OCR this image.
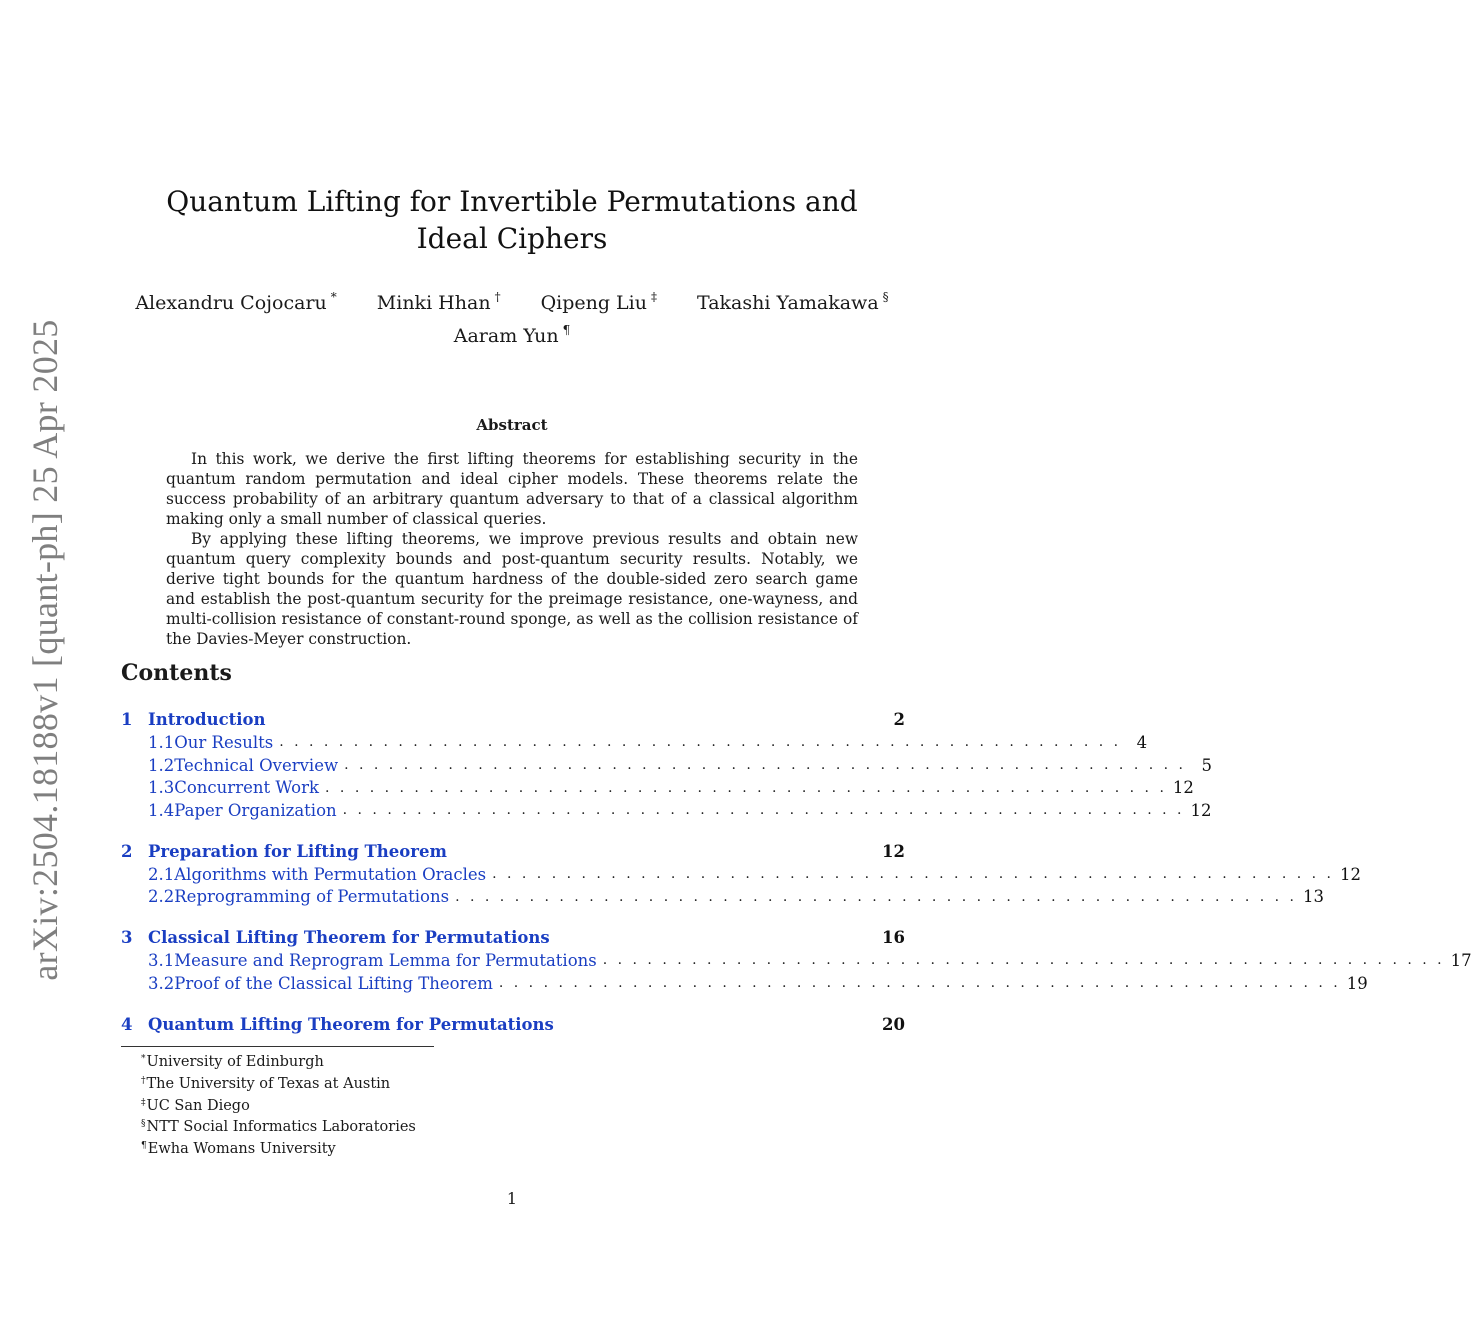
arXiv:2504.18188v1 [quant-ph] 25 Apr 2025
Quantum Lifting for Invertible Permutations and Ideal Ciphers
Alexandru Cojocaru * Minki Hhan † Qipeng Liu ‡ Takashi Yamakawa §
Aaram Yun ¶
Abstract

In this work, we derive the first lifting theorems for establishing security in the quantum random permutation and ideal cipher models. These theorems relate the success probability of an arbitrary quantum adversary to that of a classical algorithm making only a small number of classical queries.

By applying these lifting theorems, we improve previous results and obtain new quantum query complexity bounds and post-quantum security results. Notably, we derive tight bounds for the quantum hardness of the double-sided zero search game and establish the post-quantum security for the preimage resistance, one-wayness, and multi-collision resistance of constant-round sponge, as well as the collision resistance of the Davies-Meyer construction.

Contents
1 Introduction	2
1.1 Our Results . . . . . . . . . . . . . . . . . . . . . . . . . . . . . . . . . . . . . . . . . . . . . . . . . . . . . . . . . 4
1.2 Technical Overview . . . . . . . . . . . . . . . . . . . . . . . . . . . . . . . . . . . . . . . . . . . . . . . . . . . . . . . . . 5
1.3 Concurrent Work . . . . . . . . . . . . . . . . . . . . . . . . . . . . . . . . . . . . . . . . . . . . . . . . . . . . . . . . . 12
1.4 Paper Organization . . . . . . . . . . . . . . . . . . . . . . . . . . . . . . . . . . . . . . . . . . . . . . . . . . . . . . . . . 12
2 Preparation for Lifting Theorem	12
2.1 Algorithms with Permutation Oracles . . . . . . . . . . . . . . . . . . . . . . . . . . . . . . . . . . . . . . . . . . . . . . . . . . . . . . . . . 12
2.2 Reprogramming of Permutations . . . . . . . . . . . . . . . . . . . . . . . . . . . . . . . . . . . . . . . . . . . . . . . . . . . . . . . . . 13
3 Classical Lifting Theorem for Permutations	16
3.1 Measure and Reprogram Lemma for Permutations . . . . . . . . . . . . . . . . . . . . . . . . . . . . . . . . . . . . . . . . . . . . . . . . . . . . . . . . . 17
3.2 Proof of the Classical Lifting Theorem . . . . . . . . . . . . . . . . . . . . . . . . . . . . . . . . . . . . . . . . . . . . . . . . . . . . . . . . . 19
4 Quantum Lifting Theorem for Permutations	20
*University of Edinburgh
†The University of Texas at Austin
‡UC San Diego
§NTT Social Informatics Laboratories
¶Ewha Womans University
1
